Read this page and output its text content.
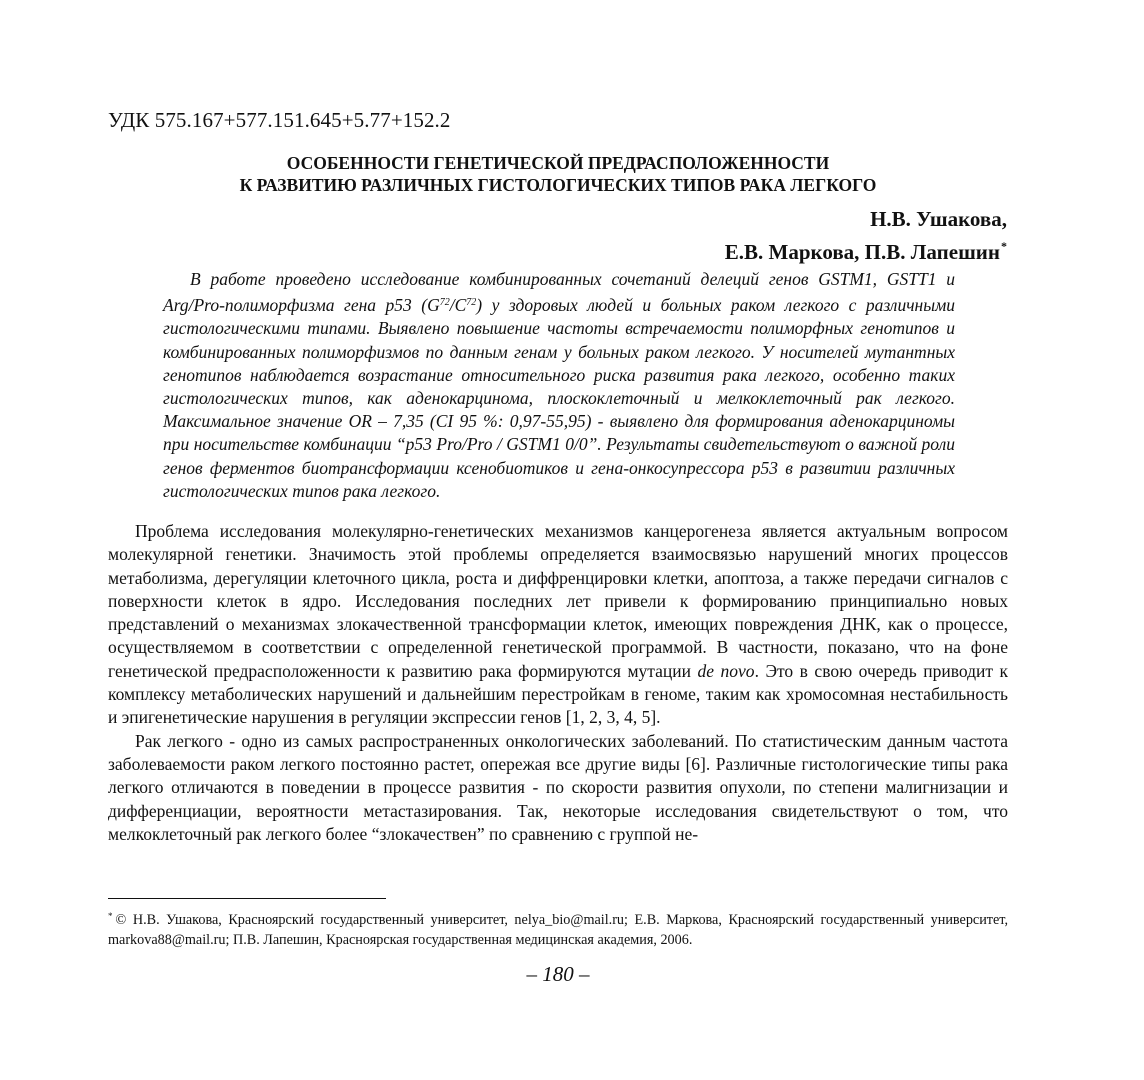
УДК 575.167+577.151.645+5.77+152.2

ОСОБЕННОСТИ ГЕНЕТИЧЕСКОЙ ПРЕДРАСПОЛОЖЕННОСТИ
К РАЗВИТИЮ РАЗЛИЧНЫХ ГИСТОЛОГИЧЕСКИХ ТИПОВ РАКА ЛЕГКОГО
Н.В. Ушакова,
Е.В. Маркова, П.В. Лапешин*

В работе проведено исследование комбинированных сочетаний делеций генов GSTM1, GSTT1 и Arg/Pro-полиморфизма гена p53 $(G^{72}/C^{72})$ у здоровых людей и больных раком легкого с различными гистологическими типами. Выявлено повышение частоты встречаемости полиморфных генотипов и комбинированных полиморфизмов по данным генам у больных раком легкого. У носителей мутантных генотипов наблюдается возрастание относительного риска развития рака легкого, особенно таких гистологических типов, как аденокарцинома, плоскоклеточный и мелкоклеточный рак легкого. Максимальное значение OR – 7,35 (CI 95 %: 0,97-55,95) - выявлено для формирования аденокарциномы при носительстве комбинации “p53 Pro/Pro / GSTM1 0/0”. Результаты свидетельствуют о важной роли генов ферментов биотрансформации ксенобиотиков и гена-онкосупрессора p53 в развитии различных гистологических типов рака легкого.

Проблема исследования молекулярно-генетических механизмов канцерогенеза является актуальным вопросом молекулярной генетики. Значимость этой проблемы определяется взаимосвязью нарушений многих процессов метаболизма, дерегуляции клеточного цикла, роста и диффренцировки клетки, апоптоза, а также передачи сигналов с поверхности клеток в ядро. Исследования последних лет привели к формированию принципиально новых представлений о механизмах злокачественной трансформации клеток, имеющих повреждения ДНК, как о процессе, осуществляемом в соответствии с определенной генетической программой. В частности, показано, что на фоне генетической предрасположенности к развитию рака формируются мутации de novo. Это в свою очередь приводит к комплексу метаболических нарушений и дальнейшим перестройкам в геноме, таким как хромосомная нестабильность и эпигенетические нарушения в регуляции экспрессии генов [1, 2, 3, 4, 5].

Рак легкого - одно из самых распространенных онкологических заболеваний. По статистическим данным частота заболеваемости раком легкого постоянно растет, опережая все другие виды [6]. Различные гистологические типы рака легкого отличаются в поведении в процессе развития - по скорости развития опухоли, по степени малигнизации и дифференциации, вероятности метастазирования. Так, некоторые исследования свидетельствуют о том, что мелкоклеточный рак легкого более “злокачествен” по сравнению с группой не-

* © Н.В. Ушакова, Красноярский государственный университет, nelya_bio@mail.ru; Е.В. Маркова, Красноярский государственный университет, markova88@mail.ru; П.В. Лапешин, Красноярская государственная медицинская академия, 2006.

– 180 –
